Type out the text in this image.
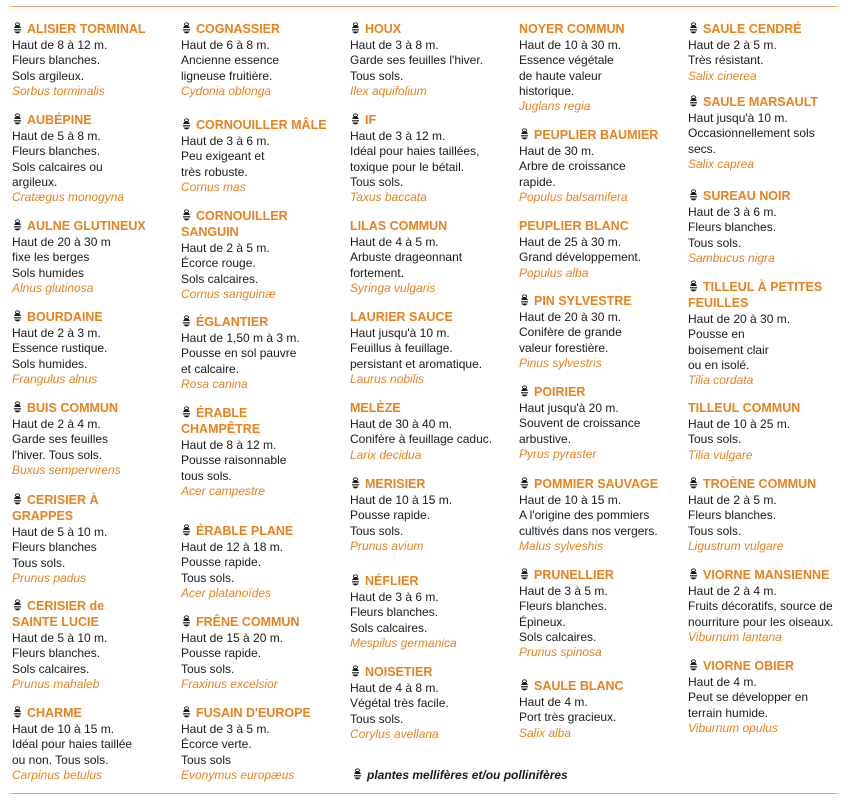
ALISIER TORMINAL
Haut de 8 à 12 m.
Fleurs blanches.
Sols argileux.
Sorbus torminalis
AUBÉPINE
Haut de 5 à 8 m.
Fleurs blanches.
Sols calcaires ou
argileux.
Cratægus monogyna
AULNE GLUTINEUX
Haut de 20 à 30 m
fixe les berges
Sols humides
Alnus glutinosa
BOURDAINE
Haut de 2 à 3 m.
Essence rustique.
Sols humides.
Frangulus alnus
BUIS COMMUN
Haut de 2 à 4 m.
Garde ses feuilles
l'hiver. Tous sols.
Buxus sempervirens
CERISIER À
GRAPPES
Haut de 5 à 10 m.
Fleurs blanches
Tous sols.
Prunus padus
CERISIER de
SAINTE LUCIE
Haut de 5 à 10 m.
Fleurs blanches.
Sols calcaires.
Prunus mahaleb
CHARME
Haut de 10 à 15 m.
Idéal pour haies taillée
ou non. Tous sols.
Carpinus betulus
COGNASSIER
Haut de 6 à 8 m.
Ancienne essence
ligneuse fruitière.
Cydonia oblonga
CORNOUILLER MÂLE
Haut de 3 à 6 m.
Peu exigeant et
très robuste.
Cornus mas
CORNOUILLER
SANGUIN
Haut de 2 à 5 m.
Écorce rouge.
Sols calcaires.
Cornus sanguinæ
ÉGLANTIER
Haut de 1,50 m à 3 m.
Pousse en sol pauvre
et calcaire.
Rosa canina
ÉRABLE
CHAMPÊTRE
Haut de 8 à 12 m.
Pousse raisonnable
tous sols.
Acer campestre
ÉRABLE PLANE
Haut de 12 à 18 m.
Pousse rapide.
Tous sols.
Acer platanoïdes
FRÊNE COMMUN
Haut de 15 à 20 m.
Pousse rapide.
Tous sols.
Fraxinus excelsior
FUSAIN D'EUROPE
Haut de 3 à 5 m.
Écorce verte.
Tous sols
Evonymus europæus
HOUX
Haut de 3 à 8 m.
Garde ses feuilles l'hiver.
Tous sols.
Ilex aquifolium
IF
Haut de 3 à 12 m.
Idéal pour haies taillées,
toxique pour le bétail.
Tous sols.
Taxus baccata
LILAS COMMUN
Haut de 4 à 5 m.
Arbuste drageonnant
fortement.
Syringa vulgaris
LAURIER SAUCE
Haut jusqu'à 10 m.
Feuillus à feuillage.
persistant et aromatique.
Laurus nobilis
MELÈZE
Haut de 30 à 40 m.
Conifère à feuillage caduc.
Larix decidua
MERISIER
Haut de 10 à 15 m.
Pousse rapide.
Tous sols.
Prunus avium
NÉFLIER
Haut de 3 à 6 m.
Fleurs blanches.
Sols calcaires.
Mespilus germanica
NOISETIER
Haut de 4 à 8 m.
Végétal très facile.
Tous sols.
Corylus avellana
NOYER COMMUN
Haut de 10 à 30 m.
Essence végétale
de haute valeur
historique.
Juglans regia
PEUPLIER BAUMIER
Haut de 30 m.
Arbre de croissance
rapide.
Populus balsamifera
PEUPLIER BLANC
Haut de 25 à 30 m.
Grand développement.
Populus alba
PIN SYLVESTRE
Haut de 20 à 30 m.
Conifère de grande
valeur forestière.
Pinus sylvestris
POIRIER
Haut jusqu'à 20 m.
Souvent de croissance
arbustive.
Pyrus pyraster
POMMIER SAUVAGE
Haut de 10 à 15 m.
A l'origine des pommiers
cultivés dans nos vergers.
Malus sylveshis
PRUNELLIER
Haut de 3 à 5 m.
Fleurs blanches.
Épineux.
Sols calcaires.
Prunus spinosa
SAULE BLANC
Haut de 4 m.
Port très gracieux.
Salix alba
SAULE CENDRÉ
Haut de 2 à 5 m.
Très résistant.
Salix cinerea
SAULE MARSAULT
Haut jusqu'à 10 m.
Occasionnellement sols
secs.
Salix caprea
SUREAU NOIR
Haut de 3 à 6 m.
Fleurs blanches.
Tous sols.
Sambucus nigra
TILLEUL À PETITES
FEUILLES
Haut de 20 à 30 m.
Pousse en
boisement clair
ou en isolé.
Tilia cordata
TILLEUL COMMUN
Haut de 10 à 25 m.
Tous sols.
Tilia vulgare
TROÈNE COMMUN
Haut de 2 à 5 m.
Fleurs blanches.
Tous sols.
Ligustrum vulgare
VIORNE MANSIENNE
Haut de 2 à 4 m.
Fruits décoratifs, source de
nourriture pour les oiseaux.
Viburnum lantana
VIORNE OBIER
Haut de 4 m.
Peut se développer en
terrain humide.
Viburnum opulus
plantes mellifères et/ou pollinifères
